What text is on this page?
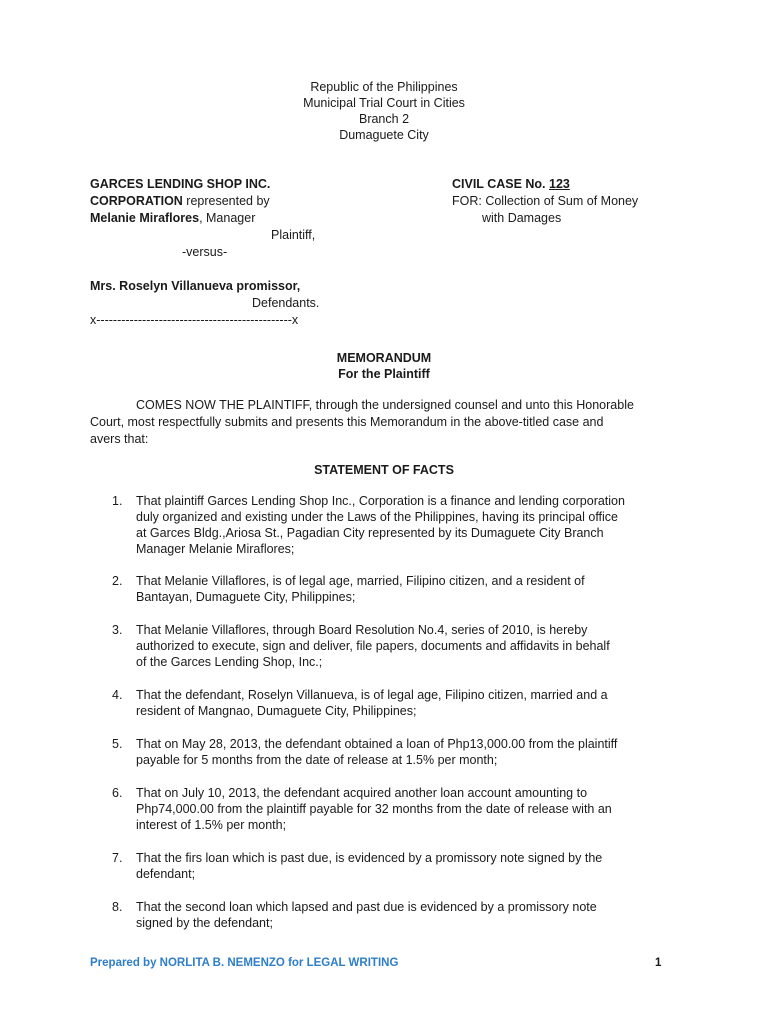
Republic of the Philippines
Municipal Trial Court in Cities
Branch 2
Dumaguete City
GARCES LENDING SHOP INC.
CORPORATION represented by
Melanie Miraflores, Manager
Plaintiff,
-versus-
Mrs. Roselyn Villanueva promissor,
Defendants.
x-----------------------------------------------x
CIVIL CASE No. 123
FOR: Collection of Sum of Money
with Damages
MEMORANDUM
For the Plaintiff
COMES NOW THE PLAINTIFF, through the undersigned counsel and unto this Honorable
Court, most respectfully submits and presents this Memorandum in the above-titled case and
avers that:
STATEMENT OF FACTS
1. That plaintiff Garces Lending Shop Inc., Corporation is a finance and lending corporation
duly organized and existing under the Laws of the Philippines, having its principal office
at Garces Bldg.,Ariosa St., Pagadian City represented by its Dumaguete City Branch
Manager Melanie Miraflores;
2. That Melanie Villaflores, is of legal age, married, Filipino citizen, and a resident of
Bantayan, Dumaguete City, Philippines;
3. That Melanie Villaflores, through Board Resolution No.4, series of 2010, is hereby
authorized to execute, sign and deliver, file papers, documents and affidavits in behalf
of the Garces Lending Shop, Inc.;
4. That the defendant, Roselyn Villanueva, is of legal age, Filipino citizen, married and a
resident of Mangnao, Dumaguete City, Philippines;
5. That on May 28, 2013, the defendant obtained a loan of Php13,000.00 from the plaintiff
payable for 5 months from the date of release at 1.5% per month;
6. That on July 10, 2013, the defendant acquired another loan account amounting to
Php74,000.00 from the plaintiff payable for 32 months from the date of release with an
interest of 1.5% per month;
7. That the firs loan which is past due, is evidenced by a promissory note signed by the
defendant;
8. That the second loan which lapsed and past due is evidenced by a promissory note
signed by the defendant;
Prepared by NORLITA B. NEMENZO for LEGAL WRITING	1
